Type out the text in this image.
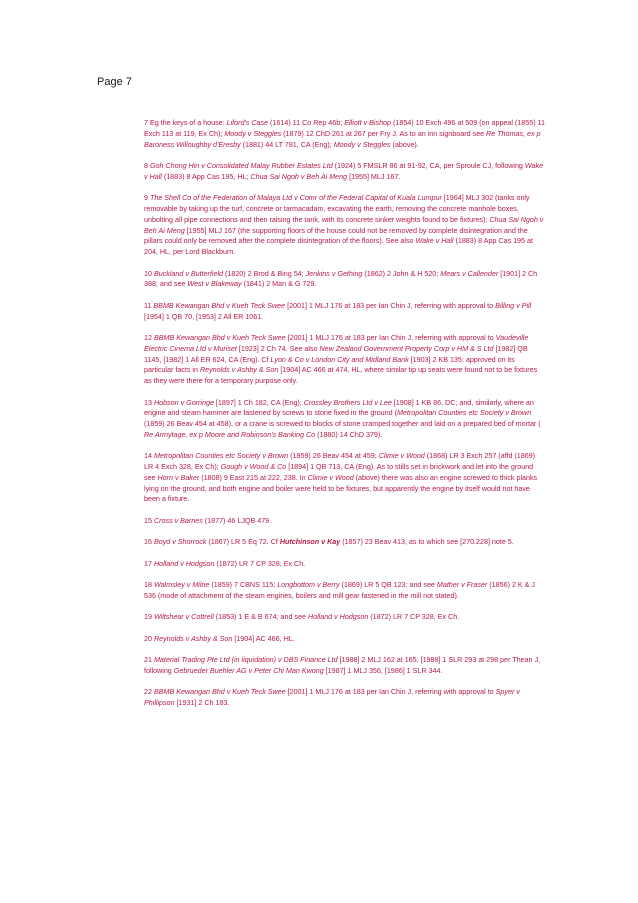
Page 7
7 Eg the keys of a house: Liford's Case (1614) 11 Co Rep 46b; Elliott v Bishop (1854) 10 Exch 496 at 509 (on appeal (1855) 11 Exch 113 at 119, Ex Ch); Moody v Steggles (1879) 12 ChD 261 at 267 per Fry J. As to an inn signboard see Re Thomas, ex p Baroness Willoughby d'Eresby (1881) 44 LT 781, CA (Eng); Moody v Steggles (above).
8 Goh Chong Hin v Consolidated Malay Rubber Estates Ltd (1924) 5 FMSLR 86 at 91-92, CA, per Sproule CJ, following Wake v Hall (1883) 8 App Cas 195, HL; Chua Sai Ngoh v Beh Ai Meng [1955] MLJ 167.
9 The Shell Co of the Federation of Malaya Ltd v Comr of the Federal Capital of Kuala Lumpur [1964] MLJ 302 (tanks only removable by taking up the turf, concrete or tarmacadam, excavating the earth, removing the concrete manhole boxes, unbolting all pipe connections and then raising the tank, with its concrete sinker weights found to be fixtures); Chua Sai Ngoh v Beh Ai Meng [1955] MLJ 167 (the supporting floors of the house could not be removed by complete disintegration and the pillars could only be removed after the complete disintegration of the floors). See also Wake v Hall (1883) 8 App Cas 195 at 204, HL, per Lord Blackburn.
10 Buckland v Butterfield (1820) 2 Brod & Bing 54; Jenkins v Gething (1862) 2 John & H 520; Mears v Callender [1901] 2 Ch 388; and see West v Blakeway (1841) 2 Man & G 729.
11 BBMB Kewangan Bhd v Kueh Teck Swee [2001] 1 MLJ 176 at 183 per Ian Chin J, referring with approval to Billing v Pill [1954] 1 QB 70, [1953] 2 All ER 1061.
12 BBMB Kewangan Bhd v Kueh Teck Swee [2001] 1 MLJ 176 at 183 per Ian Chin J, referring with approval to Vaudeville Electric Cinema Ltd v Muriset [1923] 2 Ch 74. See also New Zealand Government Property Corp v HM & S Ltd [1982] QB 1145, [1982] 1 All ER 624, CA (Eng). Cf Lyon & Co v London City and Midland Bank [1903] 2 KB 135; approved on its particular facts in Reynolds v Ashby & Son [1904] AC 466 at 474, HL, where similar tip up seats were found not to be fixtures as they were there for a temporary purpose only.
13 Hobson v Gorringe [1897] 1 Ch 182, CA (Eng); Crossley Brothers Ltd v Lee [1908] 1 KB 86, DC; and, similarly, where an engine and steam hammer are fastened by screws to stone fixed in the ground (Metropolitan Counties etc Society v Brown (1859) 26 Beav 454 at 458), or a crane is screwed to blocks of stone cramped together and laid on a prepared bed of mortar ( Re Armytage, ex p Moore and Robinson's Banking Co (1880) 14 ChD 379).
14 Metropolitan Counties etc Society v Brown (1859) 26 Beav 454 at 459; Climie v Wood (1868) LR 3 Exch 257 (affd (1869) LR 4 Exch 328, Ex Ch); Gough v Wood & Co [1894] 1 QB 713, CA (Eng). As to stills set in brickwork and let into the ground see Horn v Baker (1808) 9 East 215 at 222, 238. In Climie v Wood (above) there was also an engine screwed to thick planks lying on the ground, and both engine and boiler were held to be fixtures, but apparently the engine by itself would not have been a fixture.
15 Cross v Barnes (1877) 46 LJQB 479.
16 Boyd v Shorrock (1867) LR 5 Eq 72. Cf Hutchinson v Kay (1857) 23 Beav 413, as to which see [270.228] note 5.
17 Holland v Hodgson (1872) LR 7 CP 328, Ex Ch.
18 Walmsley v Milne (1859) 7 CBNS 115; Longbottom v Berry (1869) LR 5 QB 123; and see Mather v Fraser (1856) 2 K & J 536 (mode of attachment of the steam engines, boilers and mill gear fastened in the mill not stated).
19 Wiltshear v Cottrell (1853) 1 E & B 674; and see Holland v Hodgson (1872) LR 7 CP 328, Ex Ch.
20 Reynolds v Ashby & Son [1904] AC 466, HL.
21 Material Trading Pte Ltd (in liquidation) v DBS Finance Ltd [1988] 2 MLJ 162 at 165, [1988] 1 SLR 293 at 298 per Thean J, following Gebrueder Buehler AG v Peter Chi Man Kwong [1987] 1 MLJ 356, [1986] 1 SLR 344.
22 BBMB Kewangan Bhd v Kueh Teck Swee [2001] 1 MLJ 176 at 183 per Ian Chin J, referring with approval to Spyer v Phillipson [1931] 2 Ch 183.
